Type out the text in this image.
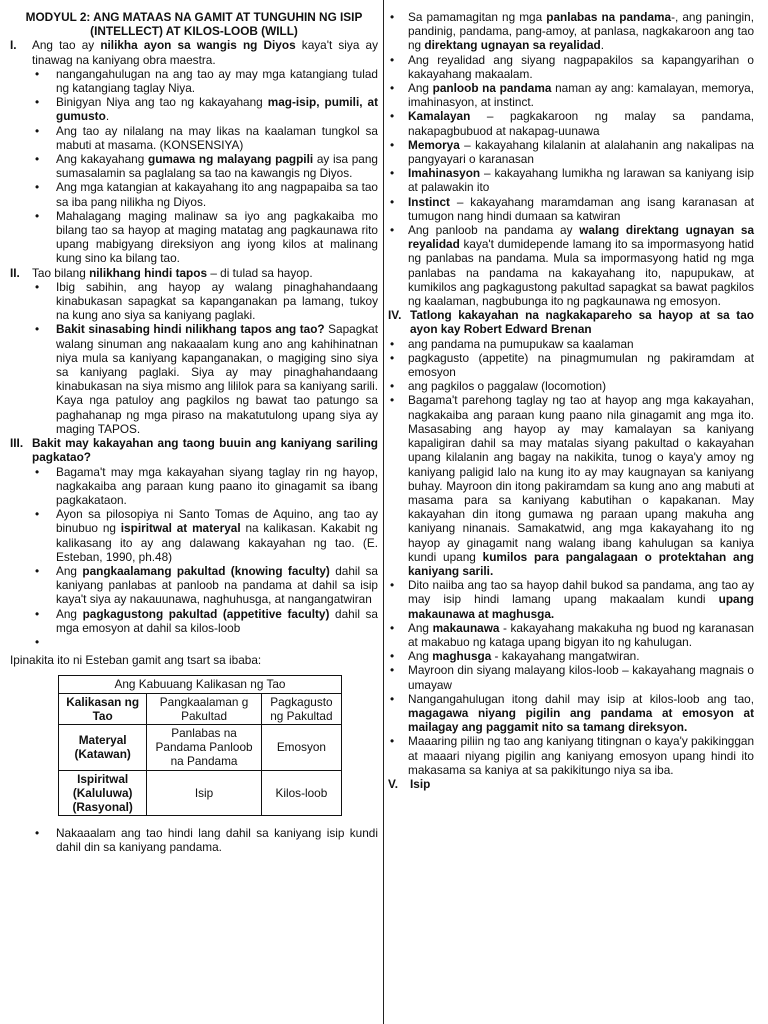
MODYUL 2: ANG MATAAS NA GAMIT AT TUNGUHIN NG ISIP (INTELLECT) AT KILOS-LOOB (WILL)

I.	Ang tao ay nilikha ayon sa wangis ng Diyos kaya't siya ay tinawag na kaniyang obra maestra.
• nangangahulugan na ang tao ay may mga katangiang tulad ng katangiang taglay Niya.
• Binigyan Niya ang tao ng kakayahang mag-isip, pumili, at gumusto.
• Ang tao ay nilalang na may likas na kaalaman tungkol sa mabuti at masama. (KONSENSIYA)
• Ang kakayahang gumawa ng malayang pagpili ay isa pang sumasalamin sa paglalang sa tao na kawangis ng Diyos.
• Ang mga katangian at kakayahang ito ang nagpapaiba sa tao sa iba pang nilikha ng Diyos.
• Mahalagang maging malinaw sa iyo ang pagkakaiba mo bilang tao sa hayop at maging matatag ang pagkaunawa rito upang mabigyang direksiyon ang iyong kilos at malinang kung sino ka bilang tao.
II.	Tao bilang nilikhang hindi tapos – di tulad sa hayop.
• Ibig sabihin, ang hayop ay walang pinaghahandaang kinabukasan sapagkat sa kapanganakan pa lamang, tukoy na kung ano siya sa kaniyang paglaki.
• Bakit sinasabing hindi nilikhang tapos ang tao? Sapagkat walang sinuman ang nakaaalam kung ano ang kahihinatnan niya mula sa kaniyang kapanganakan, o magiging sino siya sa kaniyang paglaki. Siya ay may pinaghahandaang kinabukasan na siya mismo ang lililok para sa kaniyang sarili. Kaya nga patuloy ang pagkilos ng bawat tao patungo sa paghahanap ng mga piraso na makatutulong upang siya ay maging TAPOS.
III. Bakit may kakayahan ang taong buuin ang kaniyang sariling pagkatao?
• Bagama't may mga kakayahan siyang taglay rin ng hayop, nagkakaiba ang paraan kung paano ito ginagamit sa ibang pagkakataon.
• Ayon sa pilosopiya ni Santo Tomas de Aquino, ang tao ay binubuo ng ispiritwal at materyal na kalikasan. Kakabit ng kalikasang ito ay ang dalawang kakayahan ng tao. (E. Esteban, 1990, ph.48)
• Ang pangkaalamang pakultad (knowing faculty) dahil sa kaniyang panlabas at panloob na pandama at dahil sa isip kaya't siya ay nakauunawa, naghuhusga, at nangangatwiran
• Ang pagkagustong pakultad (appetitive faculty) dahil sa mga emosyon at dahil sa kilos-loob
•

Ipinakita ito ni Esteban gamit ang tsart sa ibaba:

Ang Kabuuang Kalikasan ng Tao		
Kalikasan ng Tao	Pangkaalaman g Pakultad	Pagkagusto ng Pakultad
Materyal (Katawan)	Panlabas na Pandama Panloob na Pandama	Emosyon
Ispiritwal (Kaluluwa) (Rasyonal)	Isip	Kilos-loob
• Nakaaalam ang tao hindi lang dahil sa kaniyang isip kundi dahil din sa kaniyang pandama.
• Sa pamamagitan ng mga panlabas na pandama-, ang paningin, pandinig, pandama, pang-amoy, at panlasa, nagkakaroon ang tao ng direktang ugnayan sa reyalidad.
• Ang reyalidad ang siyang nagpapakilos sa kapangyarihan o kakayahang makaalam.
• Ang panloob na pandama naman ay ang: kamalayan, memorya, imahinasyon, at instinct.
• Kamalayan – pagkakaroon ng malay sa pandama, nakapagbubuod at nakapag-uunawa
• Memorya – kakayahang kilalanin at alalahanin ang nakalipas na pangyayari o karanasan
• Imahinasyon – kakayahang lumikha ng larawan sa kaniyang isip at palawakin ito
• Instinct – kakayahang maramdaman ang isang karanasan at tumugon nang hindi dumaan sa katwiran
• Ang panloob na pandama ay walang direktang ugnayan sa reyalidad kaya't dumidepende lamang ito sa impormasyong hatid ng panlabas na pandama. Mula sa impormasyong hatid ng mga panlabas na pandama na kakayahang ito, napupukaw, at kumikilos ang pagkagustong pakultad sapagkat sa bawat pagkilos ng kaalaman, nagbubunga ito ng pagkaunawa ng emosyon.
IV. Tatlong kakayahan na nagkakapareho sa hayop at sa tao ayon kay Robert Edward Brenan
• ang pandama na pumupukaw sa kaalaman
• pagkagusto (appetite) na pinagmumulan ng pakiramdam at emosyon
• ang pagkilos o paggalaw (locomotion)
• Bagama't parehong taglay ng tao at hayop ang mga kakayahan, nagkakaiba ang paraan kung paano nila ginagamit ang mga ito. Masasabing ang hayop ay may kamalayan sa kaniyang kapaligiran dahil sa may matalas siyang pakultad o kakayahan upang kilalanin ang bagay na nakikita, tunog o kaya'y amoy ng kaniyang paligid lalo na kung ito ay may kaugnayan sa kaniyang buhay. Mayroon din itong pakiramdam sa kung ano ang mabuti at masama para sa kaniyang kabutihan o kapakanan. May kakayahan din itong gumawa ng paraan upang makuha ang kaniyang ninanais. Samakatwid, ang mga kakayahang ito ng hayop ay ginagamit nang walang ibang kahulugan sa kaniya kundi upang kumilos para pangalagaan o protektahan ang kaniyang sarili.
• Dito naiiba ang tao sa hayop dahil bukod sa pandama, ang tao ay may isip hindi lamang upang makaalam kundi upang makaunawa at maghusga.
• Ang makaunawa - kakayahang makakuha ng buod ng karanasan at makabuo ng kataga upang bigyan ito ng kahulugan.
• Ang maghusga - kakayahang mangatwiran.
• Mayroon din siyang malayang kilos-loob – kakayahang magnais o umayaw
• Nangangahulugan itong dahil may isip at kilos-loob ang tao, magagawa niyang pigilin ang pandama at emosyon at mailagay ang paggamit nito sa tamang direksyon.
• Maaaring piliin ng tao ang kaniyang titingnan o kaya'y pakikinggan at maaari niyang pigilin ang kaniyang emosyon upang hindi ito makasama sa kaniya at sa pakikitungo niya sa iba.
V.	Isip
